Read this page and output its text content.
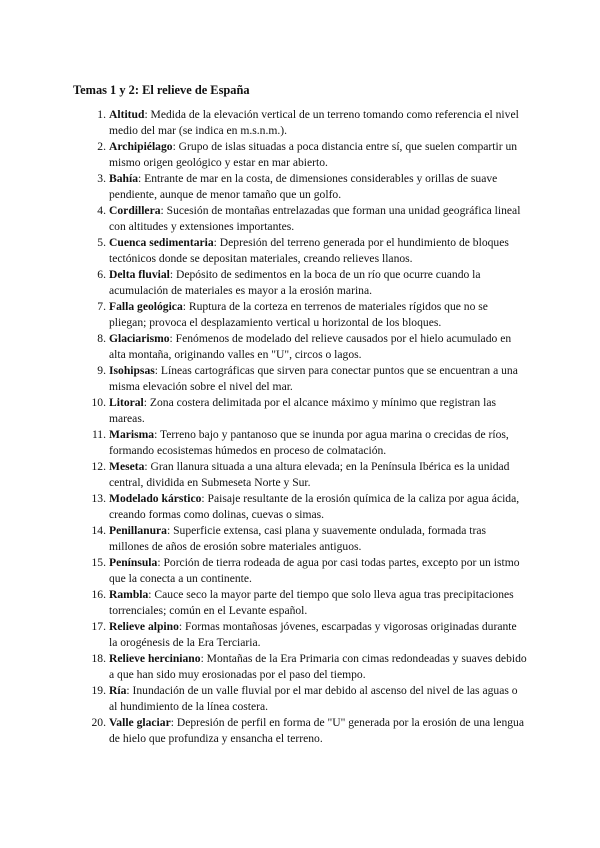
Temas 1 y 2: El relieve de España
1. Altitud: Medida de la elevación vertical de un terreno tomando como referencia el nivel medio del mar (se indica en m.s.n.m.).
2. Archipiélago: Grupo de islas situadas a poca distancia entre sí, que suelen compartir un mismo origen geológico y estar en mar abierto.
3. Bahía: Entrante de mar en la costa, de dimensiones considerables y orillas de suave pendiente, aunque de menor tamaño que un golfo.
4. Cordillera: Sucesión de montañas entrelazadas que forman una unidad geográfica lineal con altitudes y extensiones importantes.
5. Cuenca sedimentaria: Depresión del terreno generada por el hundimiento de bloques tectónicos donde se depositan materiales, creando relieves llanos.
6. Delta fluvial: Depósito de sedimentos en la boca de un río que ocurre cuando la acumulación de materiales es mayor a la erosión marina.
7. Falla geológica: Ruptura de la corteza en terrenos de materiales rígidos que no se pliegan; provoca el desplazamiento vertical u horizontal de los bloques.
8. Glaciarismo: Fenómenos de modelado del relieve causados por el hielo acumulado en alta montaña, originando valles en "U", circos o lagos.
9. Isohipsas: Líneas cartográficas que sirven para conectar puntos que se encuentran a una misma elevación sobre el nivel del mar.
10. Litoral: Zona costera delimitada por el alcance máximo y mínimo que registran las mareas.
11. Marisma: Terreno bajo y pantanoso que se inunda por agua marina o crecidas de ríos, formando ecosistemas húmedos en proceso de colmatación.
12. Meseta: Gran llanura situada a una altura elevada; en la Península Ibérica es la unidad central, dividida en Submeseta Norte y Sur.
13. Modelado kárstico: Paisaje resultante de la erosión química de la caliza por agua ácida, creando formas como dolinas, cuevas o simas.
14. Penillanura: Superficie extensa, casi plana y suavemente ondulada, formada tras millones de años de erosión sobre materiales antiguos.
15. Península: Porción de tierra rodeada de agua por casi todas partes, excepto por un istmo que la conecta a un continente.
16. Rambla: Cauce seco la mayor parte del tiempo que solo lleva agua tras precipitaciones torrenciales; común en el Levante español.
17. Relieve alpino: Formas montañosas jóvenes, escarpadas y vigorosas originadas durante la orogénesis de la Era Terciaria.
18. Relieve herciniano: Montañas de la Era Primaria con cimas redondeadas y suaves debido a que han sido muy erosionadas por el paso del tiempo.
19. Ría: Inundación de un valle fluvial por el mar debido al ascenso del nivel de las aguas o al hundimiento de la línea costera.
20. Valle glaciar: Depresión de perfil en forma de "U" generada por la erosión de una lengua de hielo que profundiza y ensancha el terreno.
